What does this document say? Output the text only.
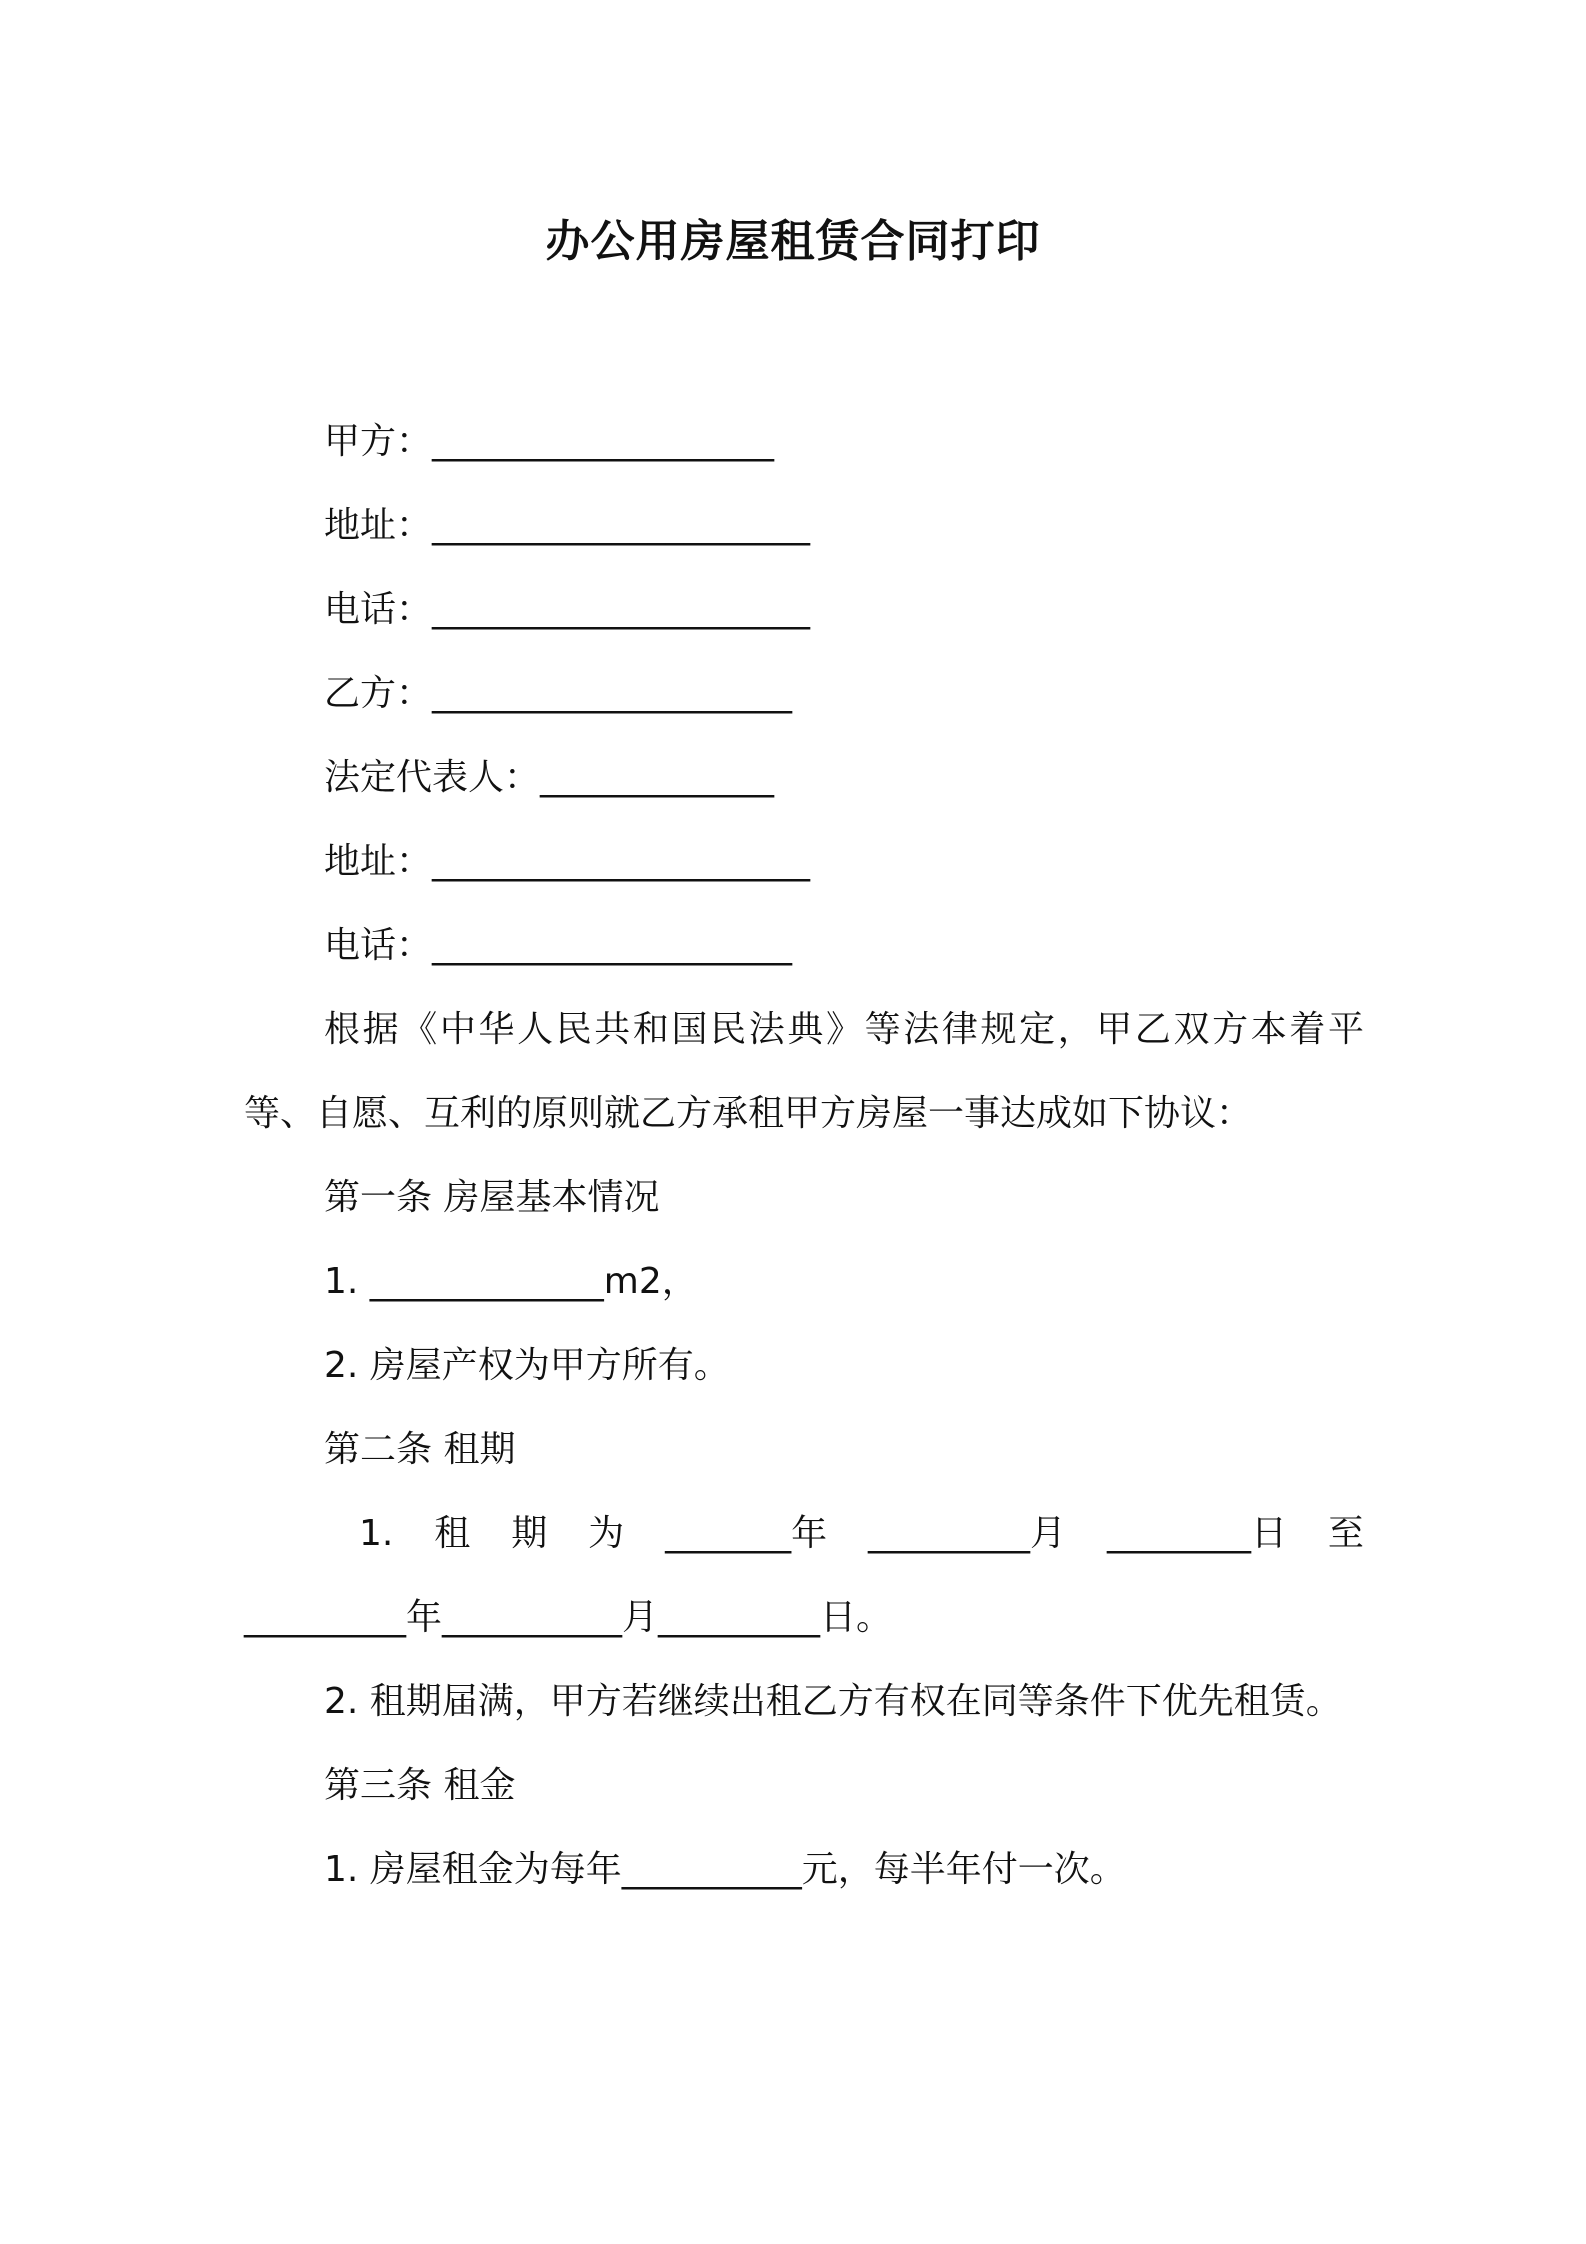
办公用房屋租赁合同打印

甲方：___________________

地址：_____________________

电话：_____________________

乙方：____________________

法定代表人：_____________

地址：_____________________

电话：____________________

根据《中华人民共和国民法典》等法律规定，甲乙双方本着平等、自愿、互利的原则就乙方承租甲方房屋一事达成如下协议：

第一条 房屋基本情况

1. _____________m2，

2. 房屋产权为甲方所有。

第二条 租期

1. 租 期 为 _______年 _________月 ________日 至

_________年__________月_________日。

2. 租期届满，甲方若继续出租乙方有权在同等条件下优先租赁。

第三条 租金

1. 房屋租金为每年__________元，每半年付一次。
